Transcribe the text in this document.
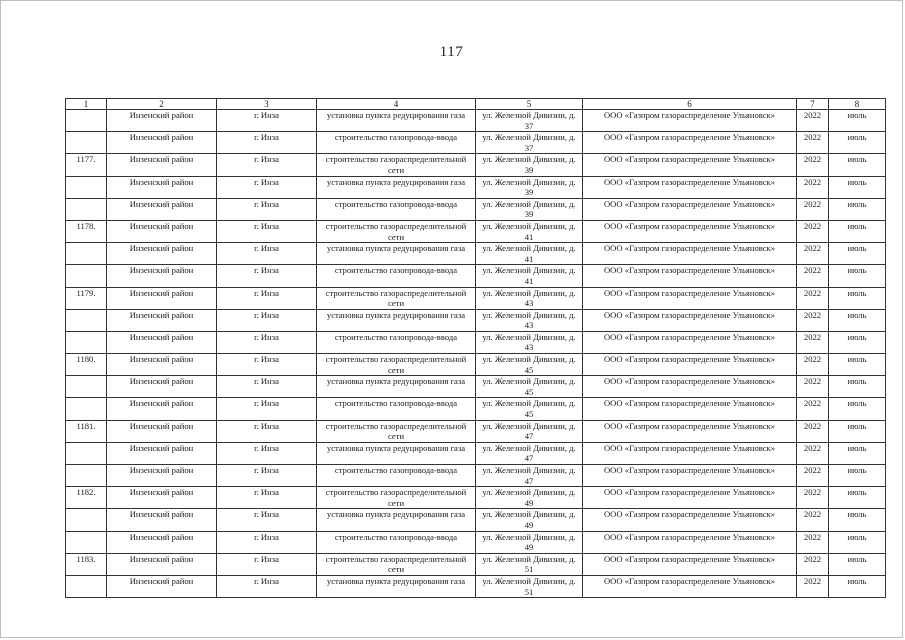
117
1	2	3	4	5	6	7	8
	Инзенский район	г. Инза	установка пункта редуцирования газа	ул. Железной Дивизии, д. 37	ООО «Газпром газораспределение Ульяновск»	2022	июль
	Инзенский район	г. Инза	строительство газопровода-ввода	ул. Железной Дивизии, д. 37	ООО «Газпром газораспределение Ульяновск»	2022	июль
1177.	Инзенский район	г. Инза	строительство газораспределительной сети	ул. Железной Дивизии, д. 39	ООО «Газпром газораспределение Ульяновск»	2022	июль
	Инзенский район	г. Инза	установка пункта редуцирования газа	ул. Железной Дивизии, д. 39	ООО «Газпром газораспределение Ульяновск»	2022	июль
	Инзенский район	г. Инза	строительство газопровода-ввода	ул. Железной Дивизии, д. 39	ООО «Газпром газораспределение Ульяновск»	2022	июль
1178.	Инзенский район	г. Инза	строительство газораспределительной сети	ул. Железной Дивизии, д. 41	ООО «Газпром газораспределение Ульяновск»	2022	июль
	Инзенский район	г. Инза	установка пункта редуцирования газа	ул. Железной Дивизии, д. 41	ООО «Газпром газораспределение Ульяновск»	2022	июль
	Инзенский район	г. Инза	строительство газопровода-ввода	ул. Железной Дивизии, д. 41	ООО «Газпром газораспределение Ульяновск»	2022	июль
1179.	Инзенский район	г. Инза	строительство газораспределительной сети	ул. Железной Дивизии, д. 43	ООО «Газпром газораспределение Ульяновск»	2022	июль
	Инзенский район	г. Инза	установка пункта редуцирования газа	ул. Железной Дивизии, д. 43	ООО «Газпром газораспределение Ульяновск»	2022	июль
	Инзенский район	г. Инза	строительство газопровода-ввода	ул. Железной Дивизии, д. 43	ООО «Газпром газораспределение Ульяновск»	2022	июль
1180.	Инзенский район	г. Инза	строительство газораспределительной сети	ул. Железной Дивизии, д. 45	ООО «Газпром газораспределение Ульяновск»	2022	июль
	Инзенский район	г. Инза	установка пункта редуцирования газа	ул. Железной Дивизии, д. 45	ООО «Газпром газораспределение Ульяновск»	2022	июль
	Инзенский район	г. Инза	строительство газопровода-ввода	ул. Железной Дивизии, д. 45	ООО «Газпром газораспределение Ульяновск»	2022	июль
1181.	Инзенский район	г. Инза	строительство газораспределительной сети	ул. Железной Дивизии, д. 47	ООО «Газпром газораспределение Ульяновск»	2022	июль
	Инзенский район	г. Инза	установка пункта редуцирования газа	ул. Железной Дивизии, д. 47	ООО «Газпром газораспределение Ульяновск»	2022	июль
	Инзенский район	г. Инза	строительство газопровода-ввода	ул. Железной Дивизии, д. 47	ООО «Газпром газораспределение Ульяновск»	2022	июль
1182.	Инзенский район	г. Инза	строительство газораспределительной сети	ул. Железной Дивизии, д. 49	ООО «Газпром газораспределение Ульяновск»	2022	июль
	Инзенский район	г. Инза	установка пункта редуцирования газа	ул. Железной Дивизии, д. 49	ООО «Газпром газораспределение Ульяновск»	2022	июль
	Инзенский район	г. Инза	строительство газопровода-ввода	ул. Железной Дивизии, д. 49	ООО «Газпром газораспределение Ульяновск»	2022	июль
1183.	Инзенский район	г. Инза	строительство газораспределительной сети	ул. Железной Дивизии, д. 51	ООО «Газпром газораспределение Ульяновск»	2022	июль
	Инзенский район	г. Инза	установка пункта редуцирования газа	ул. Железной Дивизии, д. 51	ООО «Газпром газораспределение Ульяновск»	2022	июль
